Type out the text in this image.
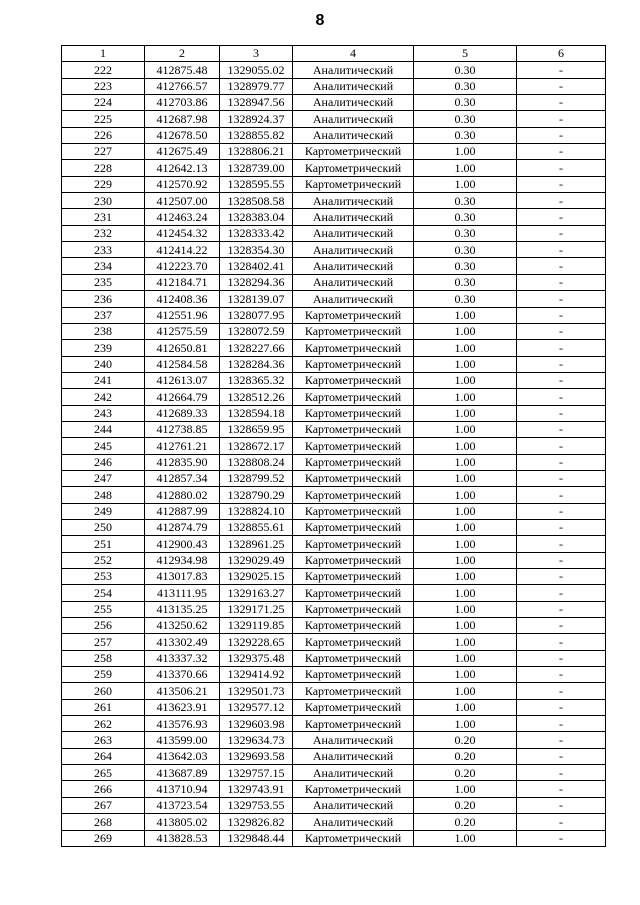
8
1	2	3	4	5	6
222	412875.48	1329055.02	Аналитический	0.30	-
223	412766.57	1328979.77	Аналитический	0.30	-
224	412703.86	1328947.56	Аналитический	0.30	-
225	412687.98	1328924.37	Аналитический	0.30	-
226	412678.50	1328855.82	Аналитический	0.30	-
227	412675.49	1328806.21	Картометрический	1.00	-
228	412642.13	1328739.00	Картометрический	1.00	-
229	412570.92	1328595.55	Картометрический	1.00	-
230	412507.00	1328508.58	Аналитический	0.30	-
231	412463.24	1328383.04	Аналитический	0.30	-
232	412454.32	1328333.42	Аналитический	0.30	-
233	412414.22	1328354.30	Аналитический	0.30	-
234	412223.70	1328402.41	Аналитический	0.30	-
235	412184.71	1328294.36	Аналитический	0.30	-
236	412408.36	1328139.07	Аналитический	0.30	-
237	412551.96	1328077.95	Картометрический	1.00	-
238	412575.59	1328072.59	Картометрический	1.00	-
239	412650.81	1328227.66	Картометрический	1.00	-
240	412584.58	1328284.36	Картометрический	1.00	-
241	412613.07	1328365.32	Картометрический	1.00	-
242	412664.79	1328512.26	Картометрический	1.00	-
243	412689.33	1328594.18	Картометрический	1.00	-
244	412738.85	1328659.95	Картометрический	1.00	-
245	412761.21	1328672.17	Картометрический	1.00	-
246	412835.90	1328808.24	Картометрический	1.00	-
247	412857.34	1328799.52	Картометрический	1.00	-
248	412880.02	1328790.29	Картометрический	1.00	-
249	412887.99	1328824.10	Картометрический	1.00	-
250	412874.79	1328855.61	Картометрический	1.00	-
251	412900.43	1328961.25	Картометрический	1.00	-
252	412934.98	1329029.49	Картометрический	1.00	-
253	413017.83	1329025.15	Картометрический	1.00	-
254	413111.95	1329163.27	Картометрический	1.00	-
255	413135.25	1329171.25	Картометрический	1.00	-
256	413250.62	1329119.85	Картометрический	1.00	-
257	413302.49	1329228.65	Картометрический	1.00	-
258	413337.32	1329375.48	Картометрический	1.00	-
259	413370.66	1329414.92	Картометрический	1.00	-
260	413506.21	1329501.73	Картометрический	1.00	-
261	413623.91	1329577.12	Картометрический	1.00	-
262	413576.93	1329603.98	Картометрический	1.00	-
263	413599.00	1329634.73	Аналитический	0.20	-
264	413642.03	1329693.58	Аналитический	0.20	-
265	413687.89	1329757.15	Аналитический	0.20	-
266	413710.94	1329743.91	Картометрический	1.00	-
267	413723.54	1329753.55	Аналитический	0.20	-
268	413805.02	1329826.82	Аналитический	0.20	-
269	413828.53	1329848.44	Картометрический	1.00	-
